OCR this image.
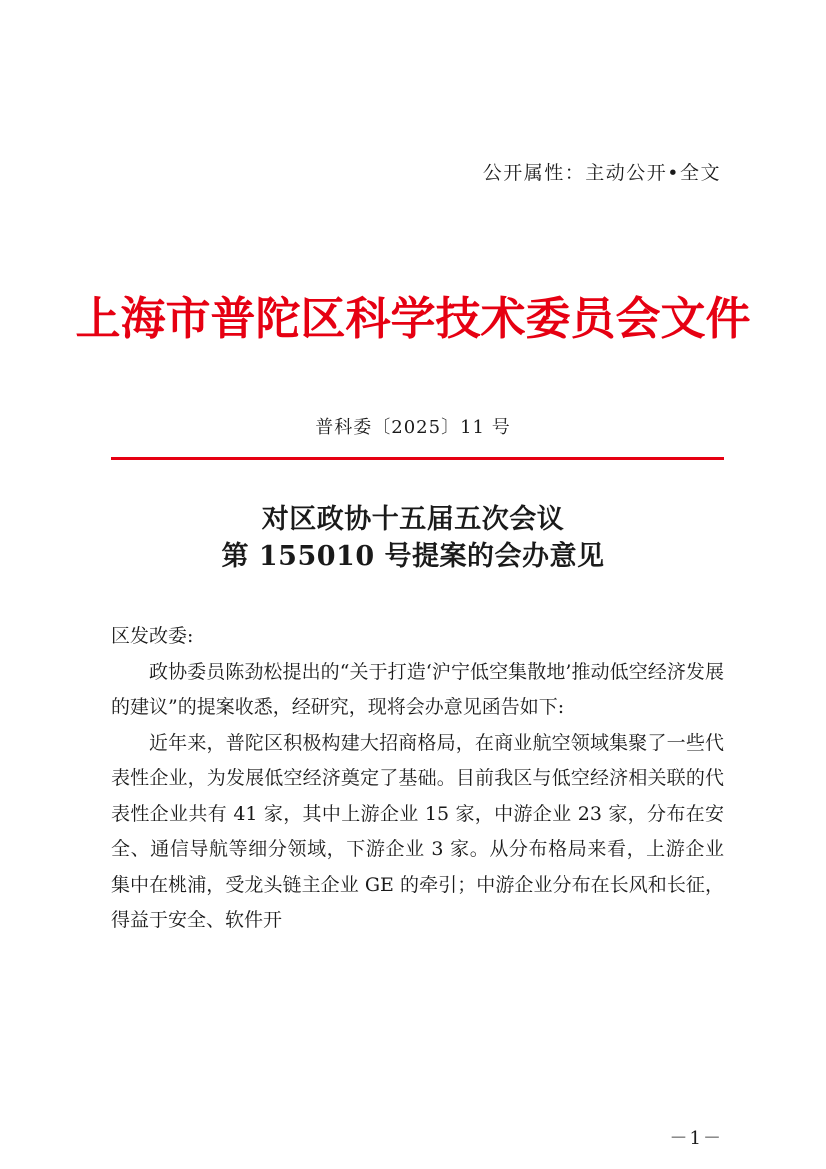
公开属性：主动公开•全文
上海市普陀区科学技术委员会文件
普科委〔2025〕11 号
对区政协十五届五次会议
第 155010 号提案的会办意见

区发改委:

政协委员陈劲松提出的“关于打造‘沪宁低空集散地’推动低空经济发展的建议”的提案收悉，经研究，现将会办意见函告如下:

近年来，普陀区积极构建大招商格局，在商业航空领域集聚了一些代表性企业，为发展低空经济奠定了基础。目前我区与低空经济相关联的代表性企业共有 41 家，其中上游企业 15 家，中游企业 23 家，分布在安全、通信导航等细分领域，下游企业 3 家。从分布格局来看，上游企业集中在桃浦，受龙头链主企业 GE 的牵引；中游企业分布在长风和长征，得益于安全、软件开

－1－
